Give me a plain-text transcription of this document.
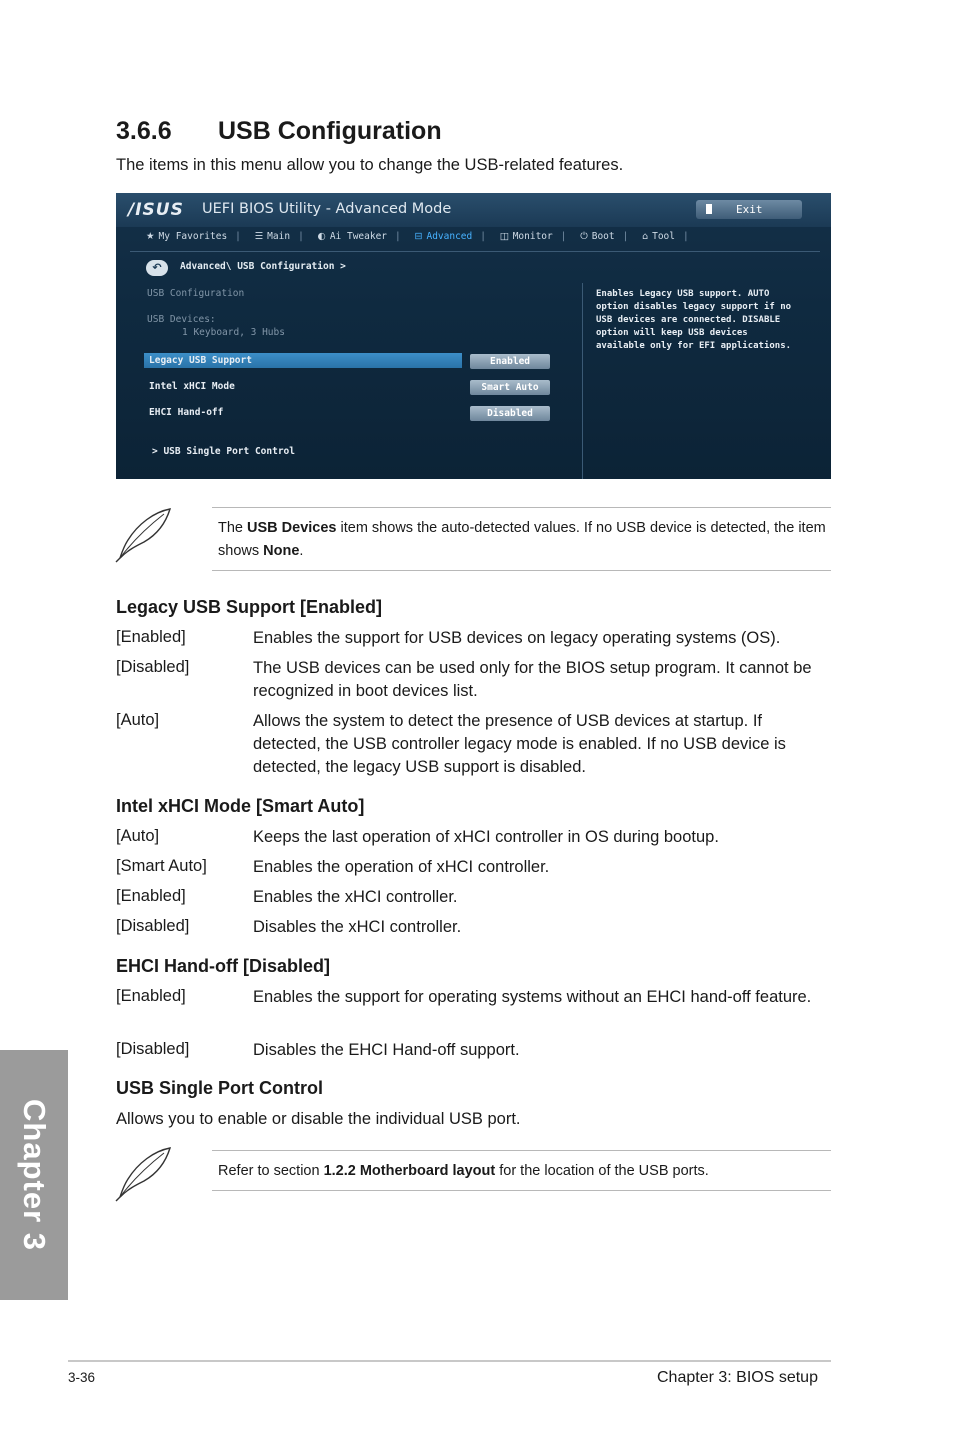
3.6.6 USB Configuration
The items in this menu allow you to change the USB-related features.
/ISUS UEFI BIOS Utility - Advanced Mode	Exit
★ My Favorites | ☰ Main | ◐ Ai Tweaker | ⊟ Advanced | ◫ Monitor | ⏻ Boot | ⌂ Tool |
↶	Advanced\ USB Configuration >
USB Configuration
USB Devices:
1 Keyboard, 3 Hubs
Legacy USB Support	Enabled
Intel xHCI Mode	Smart Auto
EHCI Hand-off	Disabled
> USB Single Port Control
Enables Legacy USB support. AUTO
option disables legacy support if no
USB devices are connected. DISABLE
option will keep USB devices
available only for EFI applications.
The USB Devices item shows the auto-detected values. If no USB device is detected, the item shows None.
Legacy USB Support [Enabled]
[Enabled]	Enables the support for USB devices on legacy operating systems (OS).
[Disabled]	The USB devices can be used only for the BIOS setup program. It cannot be recognized in boot devices list.
[Auto]	Allows the system to detect the presence of USB devices at startup. If detected, the USB controller legacy mode is enabled. If no USB device is detected, the legacy USB support is disabled.
Intel xHCI Mode [Smart Auto]
[Auto]	Keeps the last operation of xHCI controller in OS during bootup.
[Smart Auto]	Enables the operation of xHCI controller.
[Enabled]	Enables the xHCI controller.
[Disabled]	Disables the xHCI controller.
EHCI Hand-off [Disabled]
[Enabled]	Enables the support for operating systems without an EHCI hand-off feature.
[Disabled]	Disables the EHCI Hand-off support.
USB Single Port Control
Allows you to enable or disable the individual USB port.
Refer to section 1.2.2 Motherboard layout for the location of the USB ports.
Chapter 3
3-36	Chapter 3: BIOS setup
